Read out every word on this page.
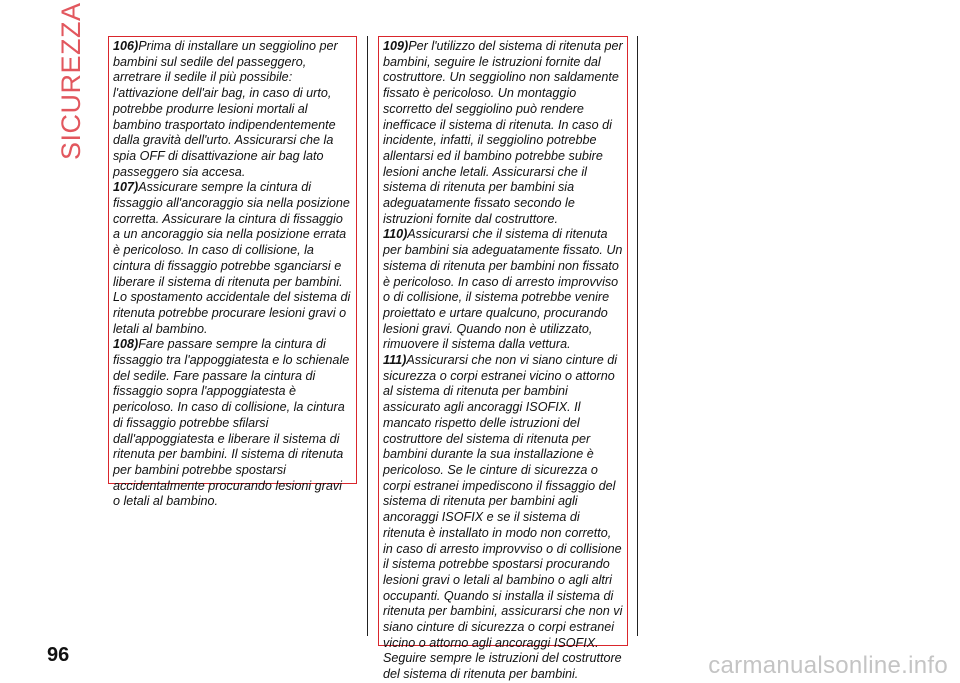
SICUREZZA 106)Prima di installare un seggiolino per bambini sul sedile del passeggero, arretrare il sedile il più possibile: l'attivazione dell'air bag, in caso di urto, potrebbe produrre lesioni mortali al bambino trasportato indipendentemente dalla gravità dell'urto. Assicurarsi che la spia OFF di disattivazione air bag lato passeggero sia accesa.

107)Assicurare sempre la cintura di fissaggio all'ancoraggio sia nella posizione corretta. Assicurare la cintura di fissaggio a un ancoraggio sia nella posizione errata è pericoloso. In caso di collisione, la cintura di fissaggio potrebbe sganciarsi e liberare il sistema di ritenuta per bambini. Lo spostamento accidentale del sistema di ritenuta potrebbe procurare lesioni gravi o letali al bambino.

108)Fare passare sempre la cintura di fissaggio tra l'appoggiatesta e lo schienale del sedile. Fare passare la cintura di fissaggio sopra l'appoggiatesta è pericoloso. In caso di collisione, la cintura di fissaggio potrebbe sfilarsi dall'appoggiatesta e liberare il sistema di ritenuta per bambini. Il sistema di ritenuta per bambini potrebbe spostarsi accidentalmente procurando lesioni gravi o letali al bambino.

109)Per l'utilizzo del sistema di ritenuta per bambini, seguire le istruzioni fornite dal costruttore. Un seggiolino non saldamente fissato è pericoloso. Un montaggio scorretto del seggiolino può rendere inefficace il sistema di ritenuta. In caso di incidente, infatti, il seggiolino potrebbe allentarsi ed il bambino potrebbe subire lesioni anche letali. Assicurarsi che il sistema di ritenuta per bambini sia adeguatamente fissato secondo le istruzioni fornite dal costruttore.

110)Assicurarsi che il sistema di ritenuta per bambini sia adeguatamente fissato. Un sistema di ritenuta per bambini non fissato è pericoloso. In caso di arresto improvviso o di collisione, il sistema potrebbe venire proiettato e urtare qualcuno, procurando lesioni gravi. Quando non è utilizzato, rimuovere il sistema dalla vettura.

111)Assicurarsi che non vi siano cinture di sicurezza o corpi estranei vicino o attorno al sistema di ritenuta per bambini assicurato agli ancoraggi ISOFIX. Il mancato rispetto delle istruzioni del costruttore del sistema di ritenuta per bambini durante la sua installazione è pericoloso. Se le cinture di sicurezza o corpi estranei impediscono il fissaggio del sistema di ritenuta per bambini agli ancoraggi ISOFIX e se il sistema di ritenuta è installato in modo non corretto, in caso di arresto improvviso o di collisione il sistema potrebbe spostarsi procurando lesioni gravi o letali al bambino o agli altri occupanti. Quando si installa il sistema di ritenuta per bambini, assicurarsi che non vi siano cinture di sicurezza o corpi estranei vicino o attorno agli ancoraggi ISOFIX. Seguire sempre le istruzioni del costruttore del sistema di ritenuta per bambini.

96	carmanualsonline.info
